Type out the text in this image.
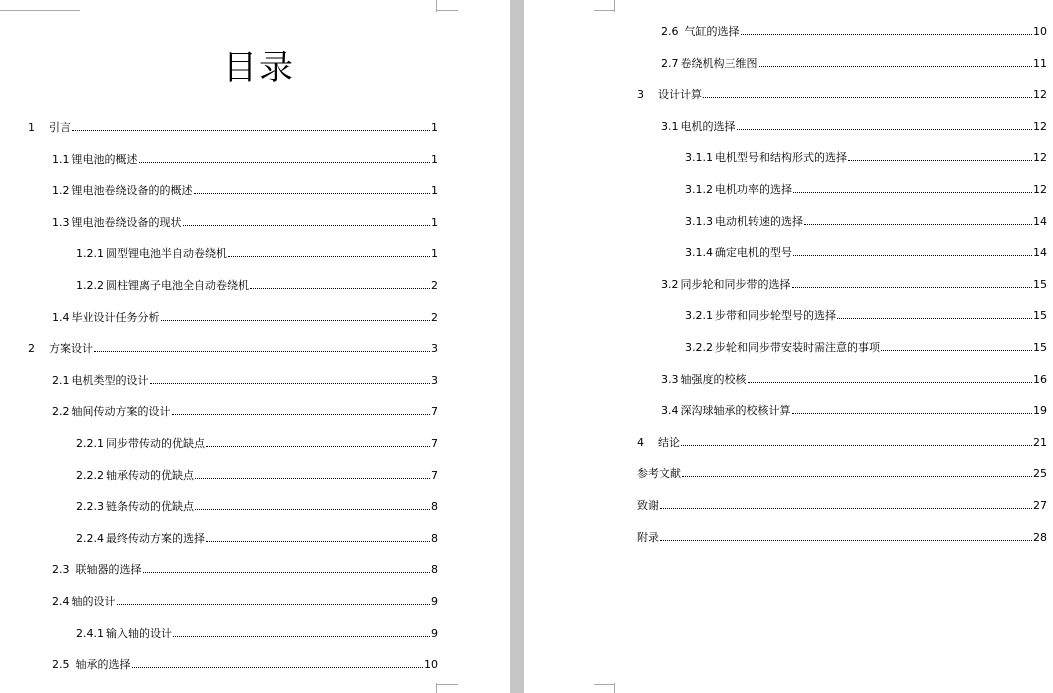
目录
1 引言	1
1.1 锂电池的概述	1
1.2 锂电池卷绕设备的的概述	1
1.3 锂电池卷绕设备的现状	1
1.2.1 圆型锂电池半自动卷绕机	1
1.2.2 圆柱锂离子电池全自动卷绕机	2
1.4 毕业设计任务分析	2
2 方案设计	3
2.1 电机类型的设计	3
2.2 轴间传动方案的设计	7
2.2.1 同步带传动的优缺点	7
2.2.2 轴承传动的优缺点	7
2.2.3 链条传动的优缺点	8
2.2.4 最终传动方案的选择	8
2.3 联轴器的选择	8
2.4 轴的设计	9
2.4.1 输入轴的设计	9
2.5 轴承的选择	10
2.6 气缸的选择	10
2.7 卷绕机构三维图	11
3 设计计算	12
3.1 电机的选择	12
3.1.1 电机型号和结构形式的选择	12
3.1.2 电机功率的选择	12
3.1.3 电动机转速的选择	14
3.1.4 确定电机的型号	14
3.2 同步轮和同步带的选择	15
3.2.1 步带和同步轮型号的选择	15
3.2.2 步轮和同步带安装时需注意的事项	15
3.3 轴强度的校核	16
3.4 深沟球轴承的校核计算	19
4 结论	21
参考文献	25
致谢	27
附录	28
